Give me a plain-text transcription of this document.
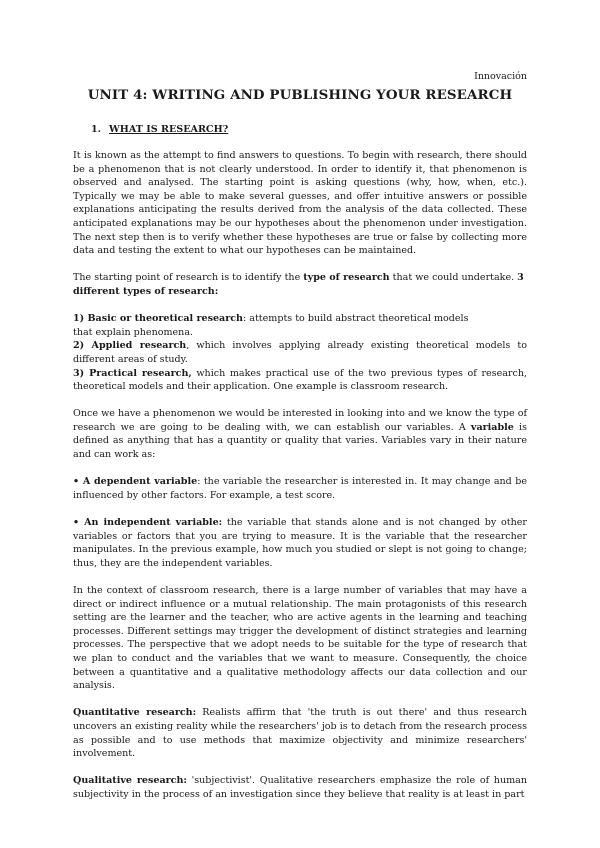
Innovación
UNIT 4: WRITING AND PUBLISHING YOUR RESEARCH
1. WHAT IS RESEARCH?

It is known as the attempt to find answers to questions. To begin with research, there should be a phenomenon that is not clearly understood. In order to identify it, that phenomenon is observed and analysed. The starting point is asking questions (why, how, when, etc.). Typically we may be able to make several guesses, and offer intuitive answers or possible explanations anticipating the results derived from the analysis of the data collected. These anticipated explanations may be our hypotheses about the phenomenon under investigation. The next step then is to verify whether these hypotheses are true or false by collecting more data and testing the extent to what our hypotheses can be maintained.

The starting point of research is to identify the type of research that we could undertake. 3 different types of research:

1) Basic or theoretical research: attempts to build abstract theoretical models
that explain phenomena.
2) Applied research, which involves applying already existing theoretical models to different areas of study.
3) Practical research, which makes practical use of the two previous types of research, theoretical models and their application. One example is classroom research.

Once we have a phenomenon we would be interested in looking into and we know the type of research we are going to be dealing with, we can establish our variables. A variable is defined as anything that has a quantity or quality that varies. Variables vary in their nature and can work as:

• A dependent variable: the variable the researcher is interested in. It may change and be influenced by other factors. For example, a test score.

• An independent variable: the variable that stands alone and is not changed by other variables or factors that you are trying to measure. It is the variable that the researcher manipulates. In the previous example, how much you studied or slept is not going to change; thus, they are the independent variables.

In the context of classroom research, there is a large number of variables that may have a direct or indirect influence or a mutual relationship. The main protagonists of this research setting are the learner and the teacher, who are active agents in the learning and teaching processes. Different settings may trigger the development of distinct strategies and learning processes. The perspective that we adopt needs to be suitable for the type of research that we plan to conduct and the variables that we want to measure. Consequently, the choice between a quantitative and a qualitative methodology affects our data collection and our analysis.

Quantitative research: Realists affirm that 'the truth is out there' and thus research uncovers an existing reality while the researchers' job is to detach from the research process as possible and to use methods that maximize objectivity and minimize researchers' involvement.

Qualitative research: 'subjectivist'. Qualitative researchers emphasize the role of human subjectivity in the process of an investigation since they believe that reality is at least in part
